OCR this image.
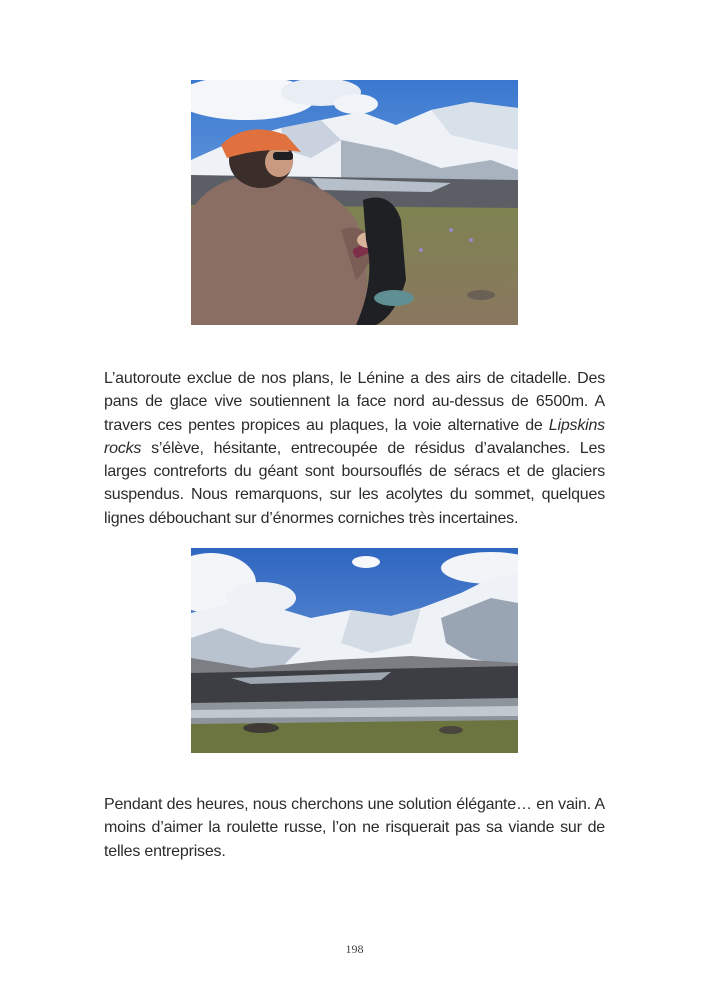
L’autoroute exclue de nos plans, le Lénine a des airs de citadelle. Des pans de glace vive soutiennent la face nord au-dessus de 6500m. A travers ces pentes propices au plaques, la voie alternative de Lipskins rocks s’élève, hésitante, entrecoupée de résidus d’avalanches. Les larges contreforts du géant sont boursouflés de séracs et de glaciers suspendus. Nous remarquons, sur les acolytes du sommet, quelques lignes débouchant sur d’énormes corniches très incertaines.

Pendant des heures, nous cherchons une solution élégante… en vain. A moins d’aimer la roulette russe, l’on ne risquerait pas sa viande sur de telles entreprises.

198
